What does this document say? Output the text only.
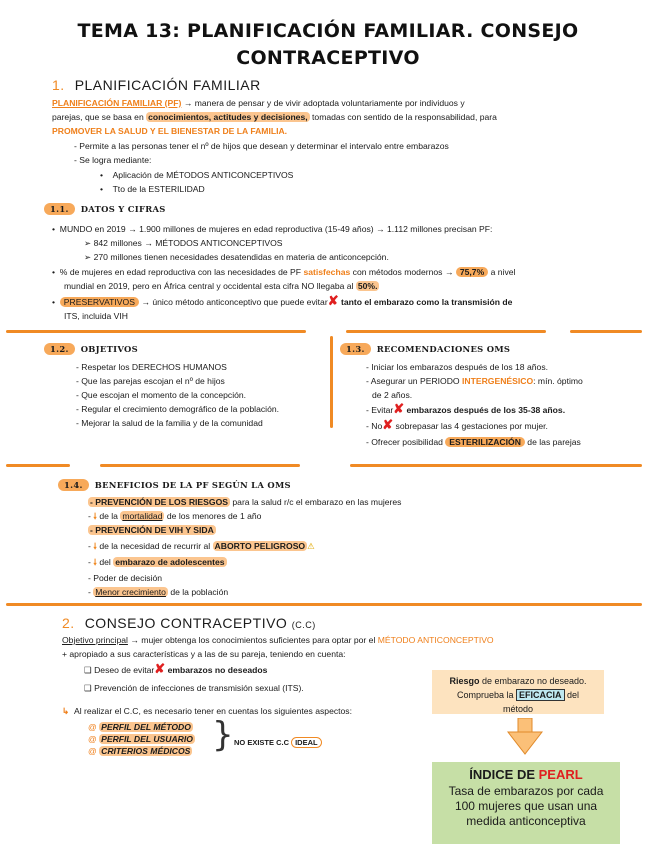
TEMA 13: PLANIFICACIÓN FAMILIAR. CONSEJO
CONTRACEPTIVO
1. PLANIFICACIÓN FAMILIAR
PLANIFICACIÓN FAMILIAR (PF) → manera de pensar y de vivir adoptada voluntariamente por individuos y
parejas, que se basa en conocimientos, actitudes y decisiones, tomadas con sentido de la responsabilidad, para
PROMOVER LA SALUD Y EL BIENESTAR DE LA FAMILIA.
- Permite a las personas tener el nº de hijos que desean y determinar el intervalo entre embarazos
- Se logra mediante:
•    Aplicación de MÉTODOS ANTICONCEPTIVOS
•    Tto de la ESTERILIDAD
1.1. DATOS Y CIFRAS
•  MUNDO en 2019 → 1.900 millones de mujeres en edad reproductiva (15-49 años) → 1.112 millones precisan PF:
➢ 842 millones → MÉTODOS ANTICONCEPTIVOS
➢ 270 millones tienen necesidades desatendidas en materia de anticoncepción.
•  % de mujeres en edad reproductiva con las necesidades de PF satisfechas con métodos modernos → 75,7% a nivel
mundial en 2019, pero en África central y occidental esta cifra NO llegaba al 50%.
•  PRESERVATIVOS → único método anticonceptivo que puede evitar✘ tanto el embarazo como la transmisión de
ITS, incluida VIH
1.2. OBJETIVOS
- Respetar los DERECHOS HUMANOS
- Que las parejas escojan el nº de hijos
- Que escojan el momento de la concepción.
- Regular el crecimiento demográfico de la población.
- Mejorar la salud de la familia y de la comunidad
1.3. RECOMENDACIONES OMS
- Iniciar los embarazos después de los 18 años.
- Asegurar un PERIODO INTERGENÉSICO: mín. óptimo
de 2 años.
- Evitar✘ embarazos después de los 35-38 años.
- No✘ sobrepasar las 4 gestaciones por mujer.
- Ofrecer posibilidad ESTERILIZACIÓN de las parejas
1.4. BENEFICIOS DE LA PF SEGÚN LA OMS
- PREVENCIÓN DE LOS RIESGOS para la salud r/c el embarazo en las mujeres
- 🠗 de la mortalidad de los menores de 1 año
- PREVENCIÓN DE VIH Y SIDA
- 🠗 de la necesidad de recurrir al ABORTO PELIGROSO ⚠
- 🠗 del embarazo de adolescentes
- Poder de decisión
- Menor crecimiento de la población
2. CONSEJO CONTRACEPTIVO (C.C)
Objetivo principal → mujer obtenga los conocimientos suficientes para optar por el MÉTODO ANTICONCEPTIVO
+ apropiado a sus características y a las de su pareja, teniendo en cuenta:
❑ Deseo de evitar✘ embarazos no deseados
❑ Prevención de infecciones de transmisión sexual (ITS).
↳ Al realizar el C.C, es necesario tener en cuentas los siguientes aspectos:
@ PERFIL DEL MÉTODO
@ PERFIL DEL USUARIO
@ CRITERIOS MÉDICOS } NO EXISTE C.C IDEAL
Riesgo de embarazo no deseado.
Comprueba la EFICACIA del
método
ÍNDICE DE PEARL
Tasa de embarazos por cada
100 mujeres que usan una
medida anticonceptiva
